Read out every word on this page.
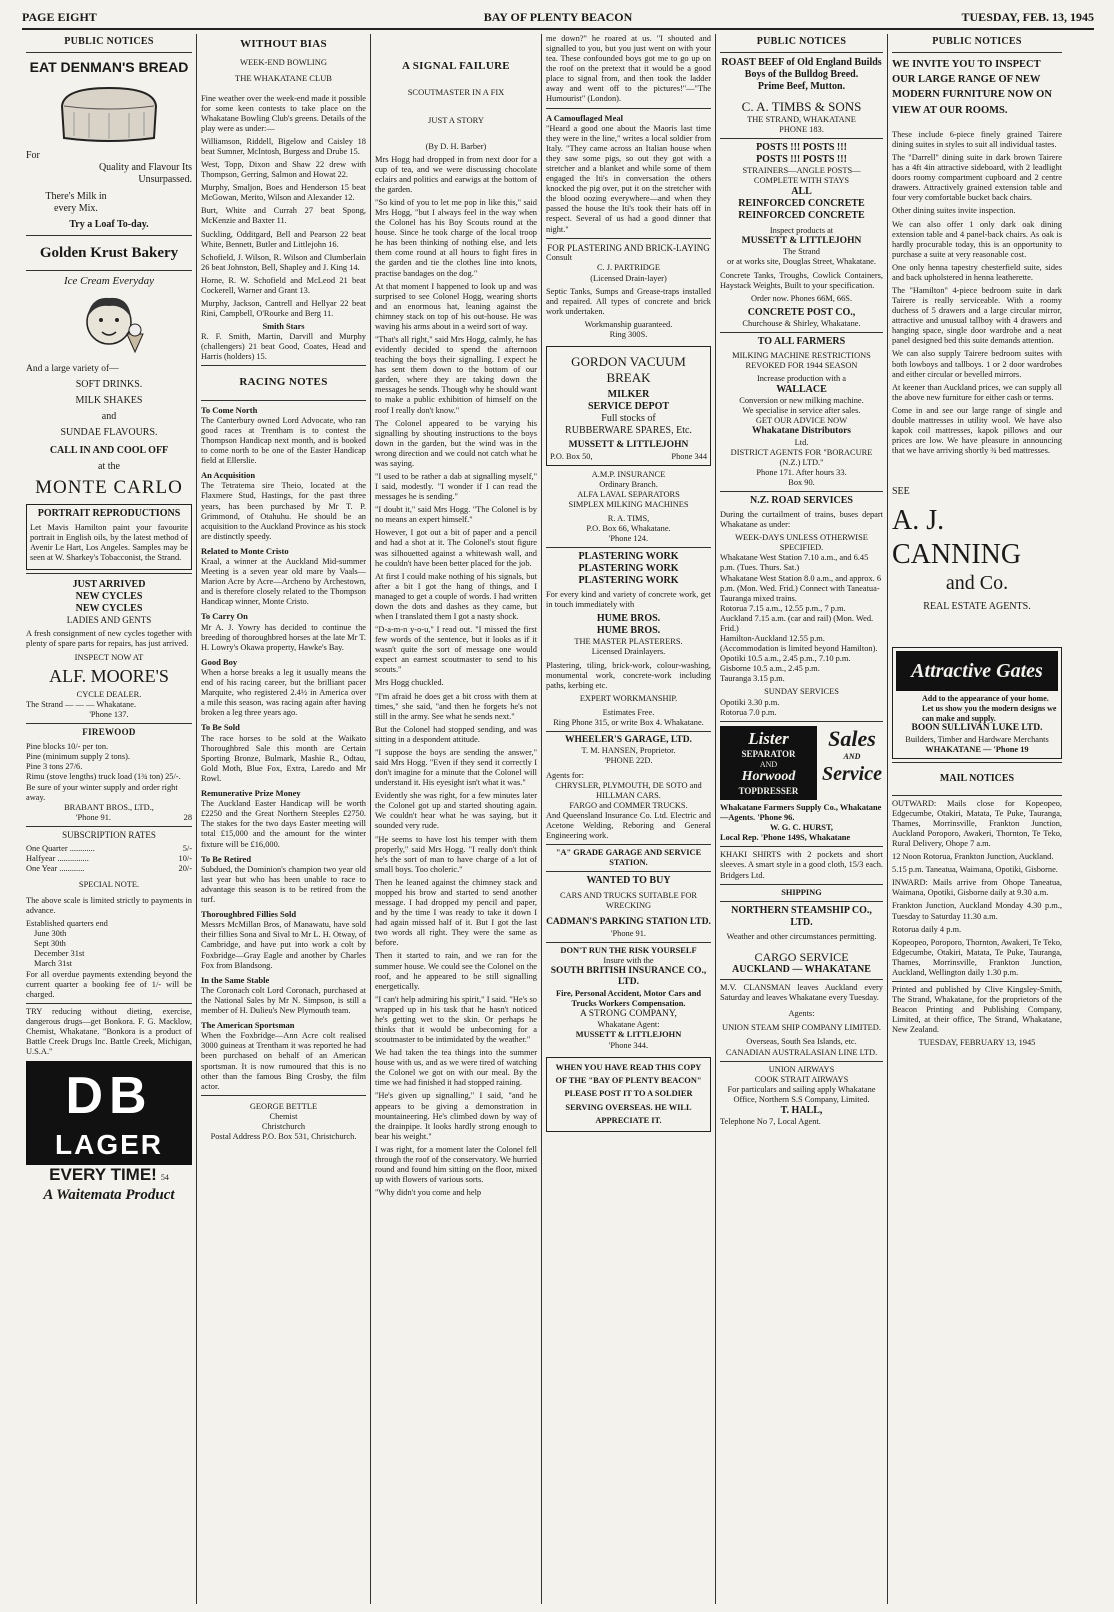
PAGE EIGHT	BAY OF PLENTY BEACON	TUESDAY, FEB. 13, 1945
PUBLIC NOTICES
EAT DENMAN'S BREAD
For
Quality and Flavour Its Unsurpassed.
There's Milk in every Mix.
Try a Loaf To-day.
Golden Krust Bakery
Ice Cream Everyday
And a large variety of—
SOFT DRINKS.
MILK SHAKES
and
SUNDAE FLAVOURS.
CALL IN AND COOL OFF
at the
MONTE CARLO
PORTRAIT REPRODUCTIONS

Let Mavis Hamilton paint your favourite portrait in English oils, by the latest method of Avenir Le Hart, Los Angeles. Samples may be seen at W. Sharkey's Tobacconist, the Strand.

JUST ARRIVED
NEW CYCLES
NEW CYCLES
LADIES AND GENTS

A fresh consignment of new cycles together with plenty of spare parts for repairs, has just arrived.

INSPECT NOW AT
ALF. MOORE'S
CYCLE DEALER.
The Strand — — — Whakatane.
'Phone 137.
FIREWOOD
Pine blocks 10/- per ton.
Pine (minimum supply 2 tons).
Pine 3 tons 27/6.
Rimu (stove lengths) truck load (1¾ ton) 25/-.
Be sure of your winter supply and order right away.
BRABANT BROS., LTD.,
'Phone 91.	28
SUBSCRIPTION RATES
One Quarter ............	5/-
Halfyear ...............	10/-
One Year ............	20/-
SPECIAL NOTE.

The above scale is limited strictly to payments in advance.

Established quarters end
June 30th
Sept 30th
December 31st
March 31st

For all overdue payments extending beyond the current quarter a booking fee of 1/- will be charged.

TRY reducing without dieting, exercise, dangerous drugs—get Bonkora. F. G. Macklow, Chemist, Whakatane. "Bonkora is a product of Battle Creek Drugs Inc. Battle Creek, Michigan, U.S.A."

DB
LAGER
EVERY TIME! 54
A Waitemata Product
WITHOUT BIAS
WEEK-END BOWLING
THE WHAKATANE CLUB

Fine weather over the week-end made it possible for some keen contests to take place on the Whakatane Bowling Club's greens. Details of the play were as under:—

Williamson, Riddell, Bigelow and Caisley 18 beat Sumner, McIntosh, Burgess and Drube 15.

West, Topp, Dixon and Shaw 22 drew with Thompson, Gerring, Salmon and Howat 22.

Murphy, Smaljon, Boes and Henderson 15 beat McGowan, Merito, Wilson and Alexander 12.

Burt, White and Currah 27 beat Spong, McKenzie and Baxter 11.

Suckling, Odditgard, Bell and Pearson 22 beat White, Bennett, Butler and Littlejohn 16.

Schofield, J. Wilson, R. Wilson and Clumberlain 26 beat Johnston, Bell, Shapley and J. King 14.

Horne, R. W. Schofield and McLeod 21 beat Cockerell, Warner and Grant 13.

Murphy, Jackson, Cantrell and Hellyar 22 beat Rini, Campbell, O'Rourke and Berg 11.

Smith Stars

R. F. Smith, Martin, Darvill and Murphy (challengers) 21 beat Good, Coates, Head and Harris (holders) 15.

RACING NOTES
To Come North

The Canterbury owned Lord Advocate, who ran good races at Trentham is to contest the Thompson Handicap next month, and is booked to come north to be one of the Easter Handicap field at Ellerslie.

An Acquisition

The Tetratema sire Theio, located at the Flaxmere Stud, Hastings, for the past three years, has been purchased by Mr T. P. Grimmond, of Otahuhu. He should be an acquisition to the Auckland Province as his stock are distinctly speedy.

Related to Monte Cristo

Kraal, a winner at the Auckland Mid-summer Meeting is a seven year old mare by Vaals—Marion Acre by Acre—Archeno by Archestown, and is therefore closely related to the Thompson Handicap winner, Monte Cristo.

To Carry On

Mr A. J. Yowry has decided to continue the breeding of thoroughbred horses at the late Mr T. H. Lowry's Okawa property, Hawke's Bay.

Good Boy

When a horse breaks a leg it usually means the end of his racing career, but the brilliant pacer Marquite, who registered 2.4½ in America over a mile this season, was racing again after having broken a leg three years ago.

To Be Sold

The race horses to be sold at the Waikato Thoroughbred Sale this month are Certain Sporting Bronze, Bulmark, Mashie R., Odtau, Gold Moth, Blue Fox, Extra, Laredo and Mr Rowl.

Remunerative Prize Money

The Auckland Easter Handicap will be worth £2250 and the Great Northern Steeples £2750. The stakes for the two days Easter meeting will total £15,000 and the amount for the winter fixture will be £16,000.

To Be Retired

Subdued, the Dominion's champion two year old last year but who has been unable to race to advantage this season is to be retired from the turf.

Thoroughbred Fillies Sold

Messrs McMillan Bros, of Manawatu, have sold their fillies Sona and Sival to Mr L. H. Otway, of Cambridge, and have put into work a colt by Foxbridge—Gray Eagle and another by Charles Fox from Blandsong.

In the Same Stable

The Coronach colt Lord Coronach, purchased at the National Sales by Mr N. Simpson, is still a member of H. Dulieu's New Plymouth team.

The American Sportsman

When the Foxbridge—Ann Acre colt realised 3000 guineas at Trentham it was reported he had been purchased on behalf of an American sportsman. It is now rumoured that this is no other than the famous Bing Crosby, the film actor.

GEORGE BETTLE
Chemist
Christchurch
Postal Address P.O. Box 531, Christchurch.
A SIGNAL FAILURE
SCOUTMASTER IN A FIX
JUST A STORY
(By D. H. Barber)

Mrs Hogg had dropped in from next door for a cup of tea, and we were discussing chocolate eclairs and politics and earwigs at the bottom of the garden.

"So kind of you to let me pop in like this," said Mrs Hogg, "but I always feel in the way when the Colonel has his Boy Scouts round at the house. Since he took charge of the local troop he has been thinking of nothing else, and lets them come round at all hours to fight fires in the garden and tie the clothes line into knots, practise bandages on the dog."

At that moment I happened to look up and was surprised to see Colonel Hogg, wearing shorts and an enormous hat, leaning against the chimney stack on top of his out-house. He was waving his arms about in a weird sort of way.

"That's all right," said Mrs Hogg, calmly, he has evidently decided to spend the afternoon teaching the boys their signalling. I expect he has sent them down to the bottom of our garden, where they are taking down the messages he sends. Though why he should want to make a public exhibition of himself on the roof I really don't know."

The Colonel appeared to be varying his signalling by shouting instructions to the boys down in the garden, but the wind was in the wrong direction and we could not catch what he was saying.

"I used to be rather a dab at signalling myself," I said, modestly. "I wonder if I can read the messages he is sending."

"I doubt it," said Mrs Hogg. "The Colonel is by no means an expert himself."

However, I got out a bit of paper and a pencil and had a shot at it. The Colonel's stout figure was silhouetted against a whitewash wall, and he couldn't have been better placed for the job.

At first I could make nothing of his signals, but after a bit I got the hang of things, and I managed to get a couple of words. I had written down the dots and dashes as they came, but when I translated them I got a nasty shock.

"D-a-m-n y-o-u," I read out. "I missed the first few words of the sentence, but it looks as if it wasn't quite the sort of message one would expect an earnest scoutmaster to send to his scouts."

Mrs Hogg chuckled.

"I'm afraid he does get a bit cross with them at times," she said, "and then he forgets he's not still in the army. See what he sends next."

But the Colonel had stopped sending, and was sitting in a despondent attitude.

"I suppose the boys are sending the answer," said Mrs Hogg. "Even if they send it correctly I don't imagine for a minute that the Colonel will understand it. His eyesight isn't what it was."

Evidently she was right, for a few minutes later the Colonel got up and started shouting again. We couldn't hear what he was saying, but it sounded very rude.

"He seems to have lost his temper with them properly," said Mrs Hogg. "I really don't think he's the sort of man to have charge of a lot of small boys. Too choleric."

Then he leaned against the chimney stack and mopped his brow and started to send another message. I had dropped my pencil and paper, and by the time I was ready to take it down I had again missed half of it. But I got the last two words all right. They were the same as before.

Then it started to rain, and we ran for the summer house. We could see the Colonel on the roof, and he appeared to be still signalling energetically.

"I can't help admiring his spirit," I said. "He's so wrapped up in his task that he hasn't noticed he's getting wet to the skin. Or perhaps he thinks that it would be unbecoming for a scoutmaster to be intimidated by the weather."

We had taken the tea things into the summer house with us, and as we were tired of watching the Colonel we got on with our meal. By the time we had finished it had stopped raining.

"He's given up signalling," I said, "and he appears to be giving a demonstration in mountaineering. He's climbed down by way of the drainpipe. It looks hardly strong enough to bear his weight."

I was right, for a moment later the Colonel fell through the roof of the conservatory. We hurried round and found him sitting on the floor, mixed up with flowers of various sorts.

"Why didn't you come and help

me down?" he roared at us. "I shouted and signalled to you, but you just went on with your tea. These confounded boys got me to go up on the roof on the pretext that it would be a good place to signal from, and then took the ladder away and went off to the pictures!"—"The Humourist" (London).

A Camouflaged Meal

"Heard a good one about the Maoris last time they were in the line," writes a local soldier from Italy. "They came across an Italian house when they saw some pigs, so out they got with a stretcher and a blanket and while some of them engaged the Iti's in conversation the others knocked the pig over, put it on the stretcher with the blood oozing everywhere—and when they passed the house the Iti's took their hats off in respect. Several of us had a good dinner that night."

FOR PLASTERING AND BRICK-LAYING
Consult
C. J. PARTRIDGE
(Licensed Drain-layer)

Septic Tanks, Sumps and Grease-traps installed and repaired. All types of concrete and brick work undertaken.

Workmanship guaranteed.
Ring 300S.
GORDON VACUUM BREAK
MILKER
SERVICE DEPOT
Full stocks of
RUBBERWARE SPARES, Etc.
MUSSETT & LITTLEJOHN
P.O. Box 50,	Phone 344
A.M.P. INSURANCE
Ordinary Branch.
ALFA LAVAL SEPARATORS
SIMPLEX MILKING MACHINES
R. A. TIMS,
P.O. Box 66, Whakatane.
'Phone 124.
PLASTERING WORK
PLASTERING WORK
PLASTERING WORK

For every kind and variety of concrete work, get in touch immediately with

HUME BROS.
HUME BROS.
THE MASTER PLASTERERS.
Licensed Drainlayers.

Plastering, tiling, brick-work, colour-washing, monumental work, concrete-work including paths, kerbing etc.

EXPERT WORKMANSHIP.
Estimates Free.
Ring Phone 315, or write Box 4. Whakatane.
WHEELER'S GARAGE, LTD.
T. M. HANSEN, Proprietor.
'PHONE 22D.
Agents for:
CHRYSLER, PLYMOUTH, DE SOTO and HILLMAN CARS.
FARGO and COMMER TRUCKS.

And Queensland Insurance Co. Ltd. Electric and Acetone Welding, Reboring and General Engineering work.

"A" GRADE GARAGE AND SERVICE STATION.
WANTED TO BUY
CARS AND TRUCKS SUITABLE FOR WRECKING
CADMAN'S PARKING STATION LTD.
'Phone 91.
DON'T RUN THE RISK YOURSELF
Insure with the
SOUTH BRITISH INSURANCE CO., LTD.
Fire, Personal Accident, Motor Cars and Trucks Workers Compensation.
A STRONG COMPANY,
Whakatane Agent:
MUSSETT & LITTLEJOHN
'Phone 344.
WHEN YOU HAVE READ THIS COPY OF THE "BAY OF PLENTY BEACON" PLEASE POST IT TO A SOLDIER SERVING OVERSEAS. HE WILL APPRECIATE IT.
PUBLIC NOTICES
ROAST BEEF of Old England Builds Boys of the Bulldog Breed.
Prime Beef, Mutton.
C. A. TIMBS & SONS
THE STRAND, WHAKATANE
PHONE 183.
POSTS !!! POSTS !!!
POSTS !!! POSTS !!!
STRAINERS—ANGLE POSTS— COMPLETE WITH STAYS
ALL
REINFORCED CONCRETE
REINFORCED CONCRETE
Inspect products at
MUSSETT & LITTLEJOHN
The Strand
or at works site, Douglas Street, Whakatane.

Concrete Tanks, Troughs, Cowlick Containers, Haystack Weights, Built to your specification.

Order now. Phones 66M, 66S.
CONCRETE POST CO.,
Churchouse & Shirley, Whakatane.
TO ALL FARMERS
MILKING MACHINE RESTRICTIONS REVOKED FOR 1944 SEASON
Increase production with a
WALLACE
Conversion or new milking machine.
We specialise in service after sales.
GET OUR ADVICE NOW
Whakatane Distributors
Ltd.
DISTRICT AGENTS FOR "BORACURE (N.Z.) LTD."
Phone 171. After hours 33.
Box 90.
N.Z. ROAD SERVICES

During the curtailment of trains, buses depart Whakatane as under:

WEEK-DAYS UNLESS OTHERWISE SPECIFIED.
Whakatane West Station 7.10 a.m., and 6.45 p.m. (Tues. Thurs. Sat.)
Whakatane West Station 8.0 a.m., and approx. 6 p.m. (Mon. Wed. Frid.) Connect with Taneatua-Tauranga mixed trains.
Rotorua 7.15 a.m., 12.55 p.m., 7 p.m.
Auckland 7.15 a.m. (car and rail) (Mon. Wed. Frid.)
Hamilton-Auckland 12.55 p.m. (Accommodation is limited beyond Hamilton).
Opotiki 10.5 a.m., 2.45 p.m., 7.10 p.m.
Gisborne 10.5 a.m., 2.45 p.m.
Tauranga 3.15 p.m.
SUNDAY SERVICES
Opotiki 3.30 p.m.
Rotorua 7.0 p.m.
Lister
SEPARATOR
AND
Horwood
TOPDRESSER
Sales
AND
Service
Whakatane Farmers Supply Co., Whakatane—Agents. 'Phone 96.
W. G. C. HURST,
Local Rep. 'Phone 149S, Whakatane

KHAKI SHIRTS with 2 pockets and short sleeves. A smart style in a good cloth, 15/3 each. Bridgers Ltd.

SHIPPING
NORTHERN STEAMSHIP CO., LTD.
Weather and other circumstances permitting.
CARGO SERVICE
AUCKLAND — WHAKATANE

M.V. CLANSMAN leaves Auckland every Saturday and leaves Whakatane every Tuesday.

Agents:
UNION STEAM SHIP COMPANY LIMITED.
Overseas, South Sea Islands, etc.
CANADIAN AUSTRALASIAN LINE LTD.
UNION AIRWAYS
COOK STRAIT AIRWAYS
For particulars and sailing apply Whakatane Office, Northern S.S Company, Limited.
T. HALL,
Telephone No 7, Local Agent.
PUBLIC NOTICES
WE INVITE YOU TO INSPECT OUR LARGE RANGE OF NEW MODERN FURNITURE NOW ON VIEW AT OUR ROOMS.

These include 6-piece finely grained Tairere dining suites in styles to suit all individual tastes.

The "Darrell" dining suite in dark brown Tairere has a 4ft 4in attractive sideboard, with 2 leadlight doors roomy compartment cupboard and 2 centre drawers. Attractively grained extension table and four very comfortable bucket back chairs.

Other dining suites invite inspection.

We can also offer 1 only dark oak dining extension table and 4 panel-back chairs. As oak is hardly procurable today, this is an opportunity to purchase a suite at very reasonable cost.

One only henna tapestry chesterfield suite, sides and back upholstered in henna leatherette.

The "Hamilton" 4-piece bedroom suite in dark Tairere is really serviceable. With a roomy duchess of 5 drawers and a large circular mirror, attractive and unusual tallboy with 4 drawers and hanging space, single door wardrobe and a neat panel designed bed this suite demands attention.

We can also supply Tairere bedroom suites with both lowboys and tallboys. 1 or 2 door wardrobes and either circular or bevelled mirrors.

At keener than Auckland prices, we can supply all the above new furniture for either cash or terms.

Come in and see our large range of single and double mattresses in utility wool. We have also kapok coil mattresses, kapok pillows and our prices are low. We have pleasure in announcing that we have arriving shortly ¾ bed mattresses.

SEE
A. J. CANNING
and Co.
REAL ESTATE AGENTS.
Attractive Gates
Add to the appearance of your home. Let us show you the modern designs we can make and supply.
BOON SULLIVAN LUKE LTD.
Builders, Timber and Hardware Merchants
WHAKATANE — 'Phone 19
MAIL NOTICES

OUTWARD: Mails close for Kopeopeo, Edgecumbe, Otakiri, Matata, Te Puke, Tauranga, Thames, Morrinsville, Frankton Junction, Auckland Poroporo, Awakeri, Thornton, Te Teko, Rural Delivery, Ohope 7 a.m.

12 Noon Rotorua, Frankton Junction, Auckland.

5.15 p.m. Taneatua, Waimana, Opotiki, Gisborne.

INWARD: Mails arrive from Ohope Taneatua, Waimana, Opotiki, Gisborne daily at 9.30 a.m.

Frankton Junction, Auckland Monday 4.30 p.m., Tuesday to Saturday 11.30 a.m.

Rotorua daily 4 p.m.

Kopeopeo, Poroporo, Thornton, Awakeri, Te Teko, Edgecumbe, Otakiri, Matata, Te Puke, Tauranga, Thames, Morrinsville, Frankton Junction, Auckland, Wellington daily 1.30 p.m.

Printed and published by Clive Kingsley-Smith, The Strand, Whakatane, for the proprietors of the Beacon Printing and Publishing Company, Limited, at their office, The Strand, Whakatane, New Zealand.

TUESDAY, FEBRUARY 13, 1945
